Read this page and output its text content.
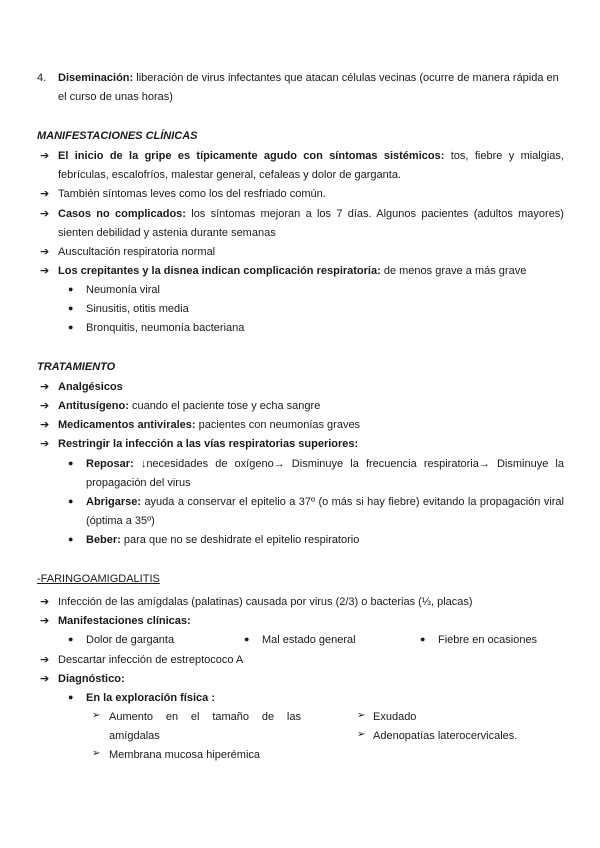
4. Diseminación: liberación de virus infectantes que atacan células vecinas (ocurre de manera rápida en
el curso de unas horas)
MANIFESTACIONES CLÍNICAS
➔ El inicio de la gripe es típicamente agudo con síntomas sistémicos: tos, fiebre y mialgias,
febrículas, escalofríos, malestar general, cefaleas y dolor de garganta.
➔ También síntomas leves como los del resfriado común.
➔ Casos no complicados: los síntomas mejoran a los 7 días. Algunos pacientes (adultos mayores)
sienten debilidad y astenia durante semanas
➔ Auscultación respiratoria normal
➔ Los crepitantes y la disnea indican complicación respiratoria: de menos grave a más grave
● Neumonía viral
● Sinusitis, otitis media
● Bronquitis, neumonía bacteriana
TRATAMIENTO
➔ Analgésicos
➔ Antitusígeno: cuando el paciente tose y echa sangre
➔ Medicamentos antivirales: pacientes con neumonías graves
➔ Restringir la infección a las vías respiratorias superiores:
● Reposar: ↓necesidades de oxígeno→ Disminuye la frecuencia respiratoria→ Disminuye la
propagación del virus
● Abrigarse: ayuda a conservar el epitelio a 37º (o más si hay fiebre) evitando la propagación viral
(óptima a 35º)
● Beber: para que no se deshidrate el epitelio respiratorio
-FARINGOAMIGDALITIS
➔ Infección de las amígdalas (palatinas) causada por virus (2/3) o bacterias (⅓, placas)
➔ Manifestaciones clínicas:
● Dolor de garganta	● Mal estado general	● Fiebre en ocasiones
➔ Descartar infección de estreptococo A
➔ Diagnóstico:
● En la exploración física :
➢ Aumento en el tamaño de las
amígdalas
➢ Membrana mucosa hiperémica
➢ Exudado
➢ Adenopatías laterocervicales.
